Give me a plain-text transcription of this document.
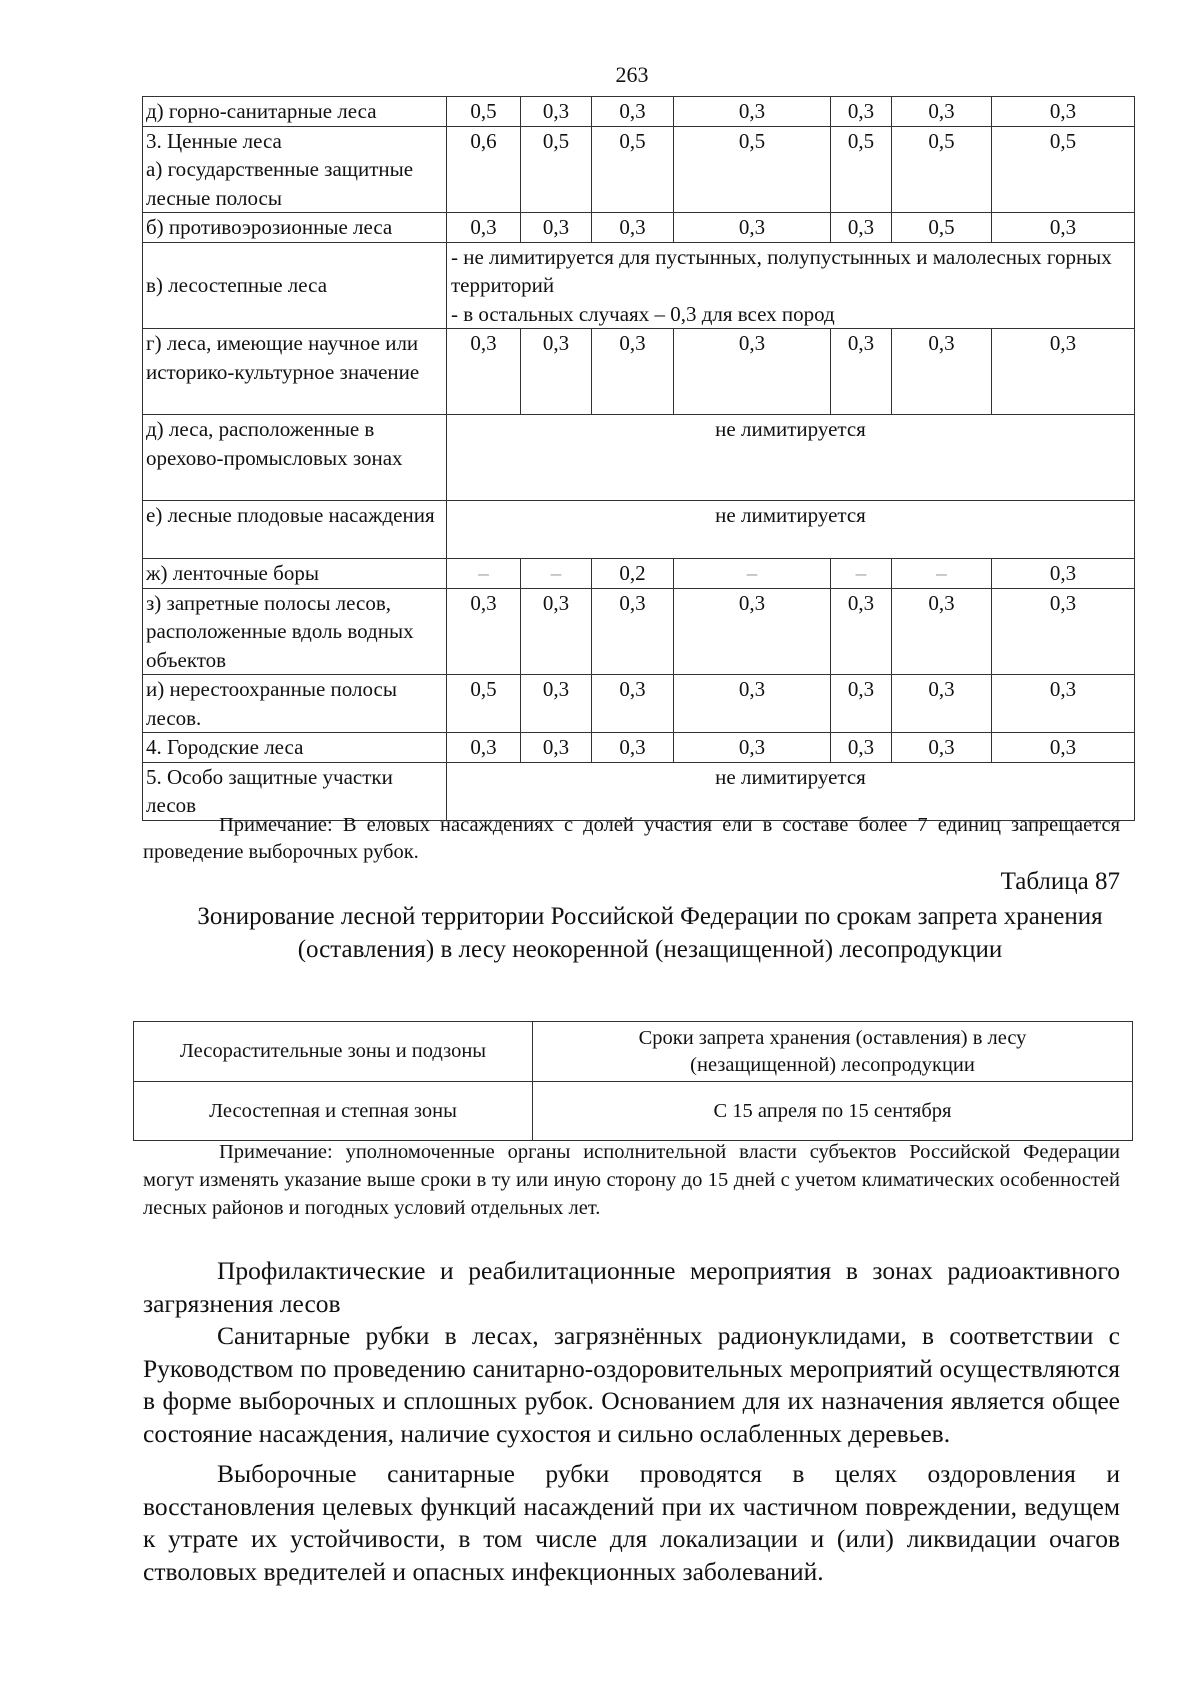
263
д) горно-санитарные леса	0,5	0,3	0,3	0,3	0,3	0,3	0,3
3. Ценные леса
а) государственные защитные лесные полосы	0,6	0,5	0,5	0,5	0,5	0,5	0,5
б) противоэрозионные леса	0,3	0,3	0,3	0,3	0,3	0,5	0,3
в) лесостепные леса	- не лимитируется для пустынных, полупустынных и малолесных горных территорий
- в остальных случаях – 0,3 для всех пород						
г) леса, имеющие научное или историко-культурное значение	0,3	0,3	0,3	0,3	0,3	0,3	0,3
д) леса, расположенные в орехово-промысловых зонах	не лимитируется						
е) лесные плодовые насаждения	не лимитируется						
ж) ленточные боры	–	–	0,2	–	–	–	0,3
з) запретные полосы лесов, расположенные вдоль водных объектов	0,3	0,3	0,3	0,3	0,3	0,3	0,3
и) нерестоохранные полосы лесов.	0,5	0,3	0,3	0,3	0,3	0,3	0,3
4. Городские леса	0,3	0,3	0,3	0,3	0,3	0,3	0,3
5. Особо защитные участки лесов	не лимитируется						
Примечание: В еловых насаждениях с долей участия ели в составе более 7 единиц запрещается проведение выборочных рубок.
Таблица 87
Зонирование лесной территории Российской Федерации по срокам запрета хранения (оставления) в лесу неокоренной (незащищенной) лесопродукции
Лесорастительные зоны и подзоны	Сроки запрета хранения (оставления) в лесу (незащищенной) лесопродукции
Лесостепная и степная зоны	С 15 апреля по 15 сентября
Примечание: уполномоченные органы исполнительной власти субъектов Российской Федерации могут изменять указание выше сроки в ту или иную сторону до 15 дней с учетом климатических особенностей лесных районов и погодных условий отдельных лет.

Профилактические и реабилитационные мероприятия в зонах радиоактивного загрязнения лесов

Санитарные рубки в лесах, загрязнённых радионуклидами, в соответствии с Руководством по проведению санитарно-оздоровительных мероприятий осуществляются в форме выборочных и сплошных рубок. Основанием для их назначения является общее состояние насаждения, наличие сухостоя и сильно ослабленных деревьев.

Выборочные санитарные рубки проводятся в целях оздоровления и восстановления целевых функций насаждений при их частичном повреждении, ведущем к утрате их устойчивости, в том числе для локализации и (или) ликвидации очагов стволовых вредителей и опасных инфекционных заболеваний.
